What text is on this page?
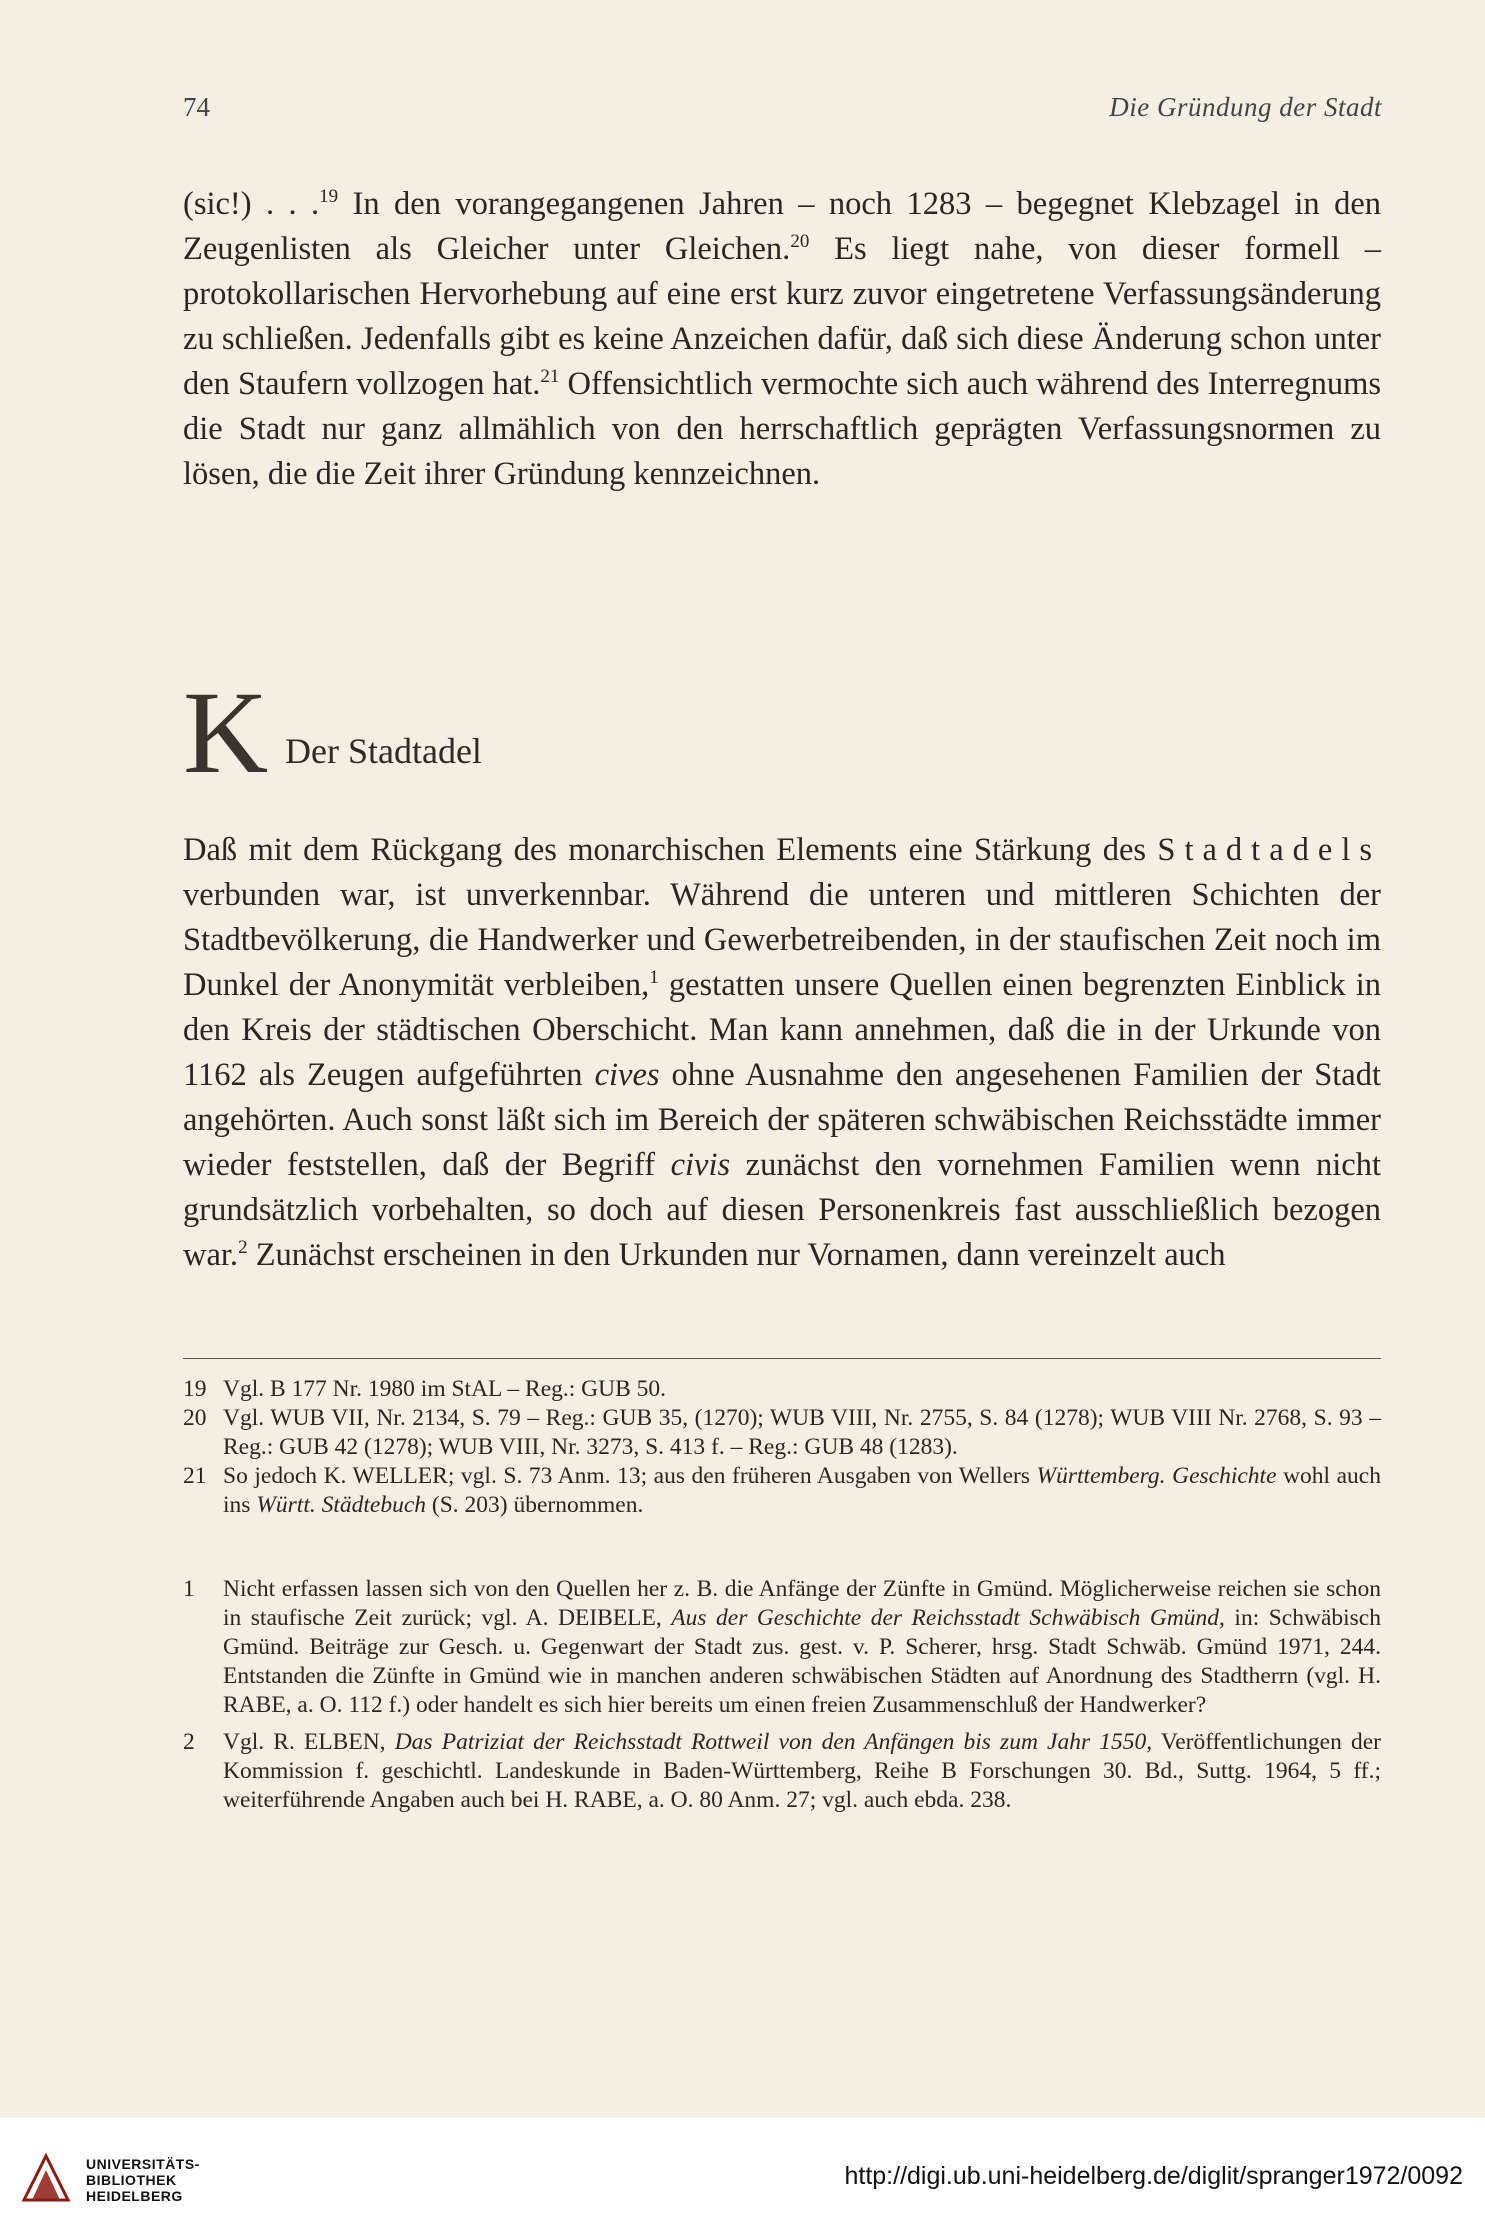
74	Die Gründung der Stadt

(sic!) . . .$^{19}$ In den vorangegangenen Jahren – noch 1283 – begegnet Klebzagel in den Zeugenlisten als Gleicher unter Gleichen.$^{20}$ Es liegt nahe, von dieser formell – protokollarischen Hervorhebung auf eine erst kurz zuvor eingetretene Verfassungsänderung zu schließen. Jedenfalls gibt es keine Anzeichen dafür, daß sich diese Änderung schon unter den Staufern vollzogen hat.$^{21}$ Offensichtlich vermochte sich auch während des Interregnums die Stadt nur ganz allmählich von den herrschaftlich geprägten Verfassungsnormen zu lösen, die die Zeit ihrer Gründung kennzeichnen.

K Der Stadtadel

Daß mit dem Rückgang des monarchischen Elements eine Stärkung des Stadtadels verbunden war, ist unverkennbar. Während die unteren und mittleren Schichten der Stadtbevölkerung, die Handwerker und Gewerbetreibenden, in der staufischen Zeit noch im Dunkel der Anonymität verbleiben,$^1$ gestatten unsere Quellen einen begrenzten Einblick in den Kreis der städtischen Oberschicht. Man kann annehmen, daß die in der Urkunde von 1162 als Zeugen aufgeführten cives ohne Ausnahme den angesehenen Familien der Stadt angehörten. Auch sonst läßt sich im Bereich der späteren schwäbischen Reichsstädte immer wieder feststellen, daß der Begriff civis zunächst den vornehmen Familien wenn nicht grundsätzlich vorbehalten, so doch auf diesen Personenkreis fast ausschließlich bezogen war.$^2$ Zunächst erscheinen in den Urkunden nur Vornamen, dann vereinzelt auch

19 Vgl. B 177 Nr. 1980 im StAL – Reg.: GUB 50.

20 Vgl. WUB VII, Nr. 2134, S. 79 – Reg.: GUB 35, (1270); WUB VIII, Nr. 2755, S. 84 (1278); WUB VIII Nr. 2768, S. 93 – Reg.: GUB 42 (1278); WUB VIII, Nr. 3273, S. 413 f. – Reg.: GUB 48 (1283).

21 So jedoch K. WELLER; vgl. S. 73 Anm. 13; aus den früheren Ausgaben von Wellers Württemberg. Geschichte wohl auch ins Württ. Städtebuch (S. 203) übernommen.

1 Nicht erfassen lassen sich von den Quellen her z. B. die Anfänge der Zünfte in Gmünd. Möglicherweise reichen sie schon in staufische Zeit zurück; vgl. A. DEIBELE, Aus der Geschichte der Reichsstadt Schwäbisch Gmünd, in: Schwäbisch Gmünd. Beiträge zur Gesch. u. Gegenwart der Stadt zus. gest. v. P. Scherer, hrsg. Stadt Schwäb. Gmünd 1971, 244. Entstanden die Zünfte in Gmünd wie in manchen anderen schwäbischen Städten auf Anordnung des Stadtherrn (vgl. H. RABE, a. O. 112 f.) oder handelt es sich hier bereits um einen freien Zusammenschluß der Handwerker?

2 Vgl. R. ELBEN, Das Patriziat der Reichsstadt Rottweil von den Anfängen bis zum Jahr 1550, Veröffentlichungen der Kommission f. geschichtl. Landeskunde in Baden-Württemberg, Reihe B Forschungen 30. Bd., Suttg. 1964, 5 ff.; weiterführende Angaben auch bei H. RABE, a. O. 80 Anm. 27; vgl. auch ebda. 238.

UNIVERSITÄTS-
BIBLIOTHEK
HEIDELBERG
http://digi.ub.uni-heidelberg.de/diglit/spranger1972/0092
